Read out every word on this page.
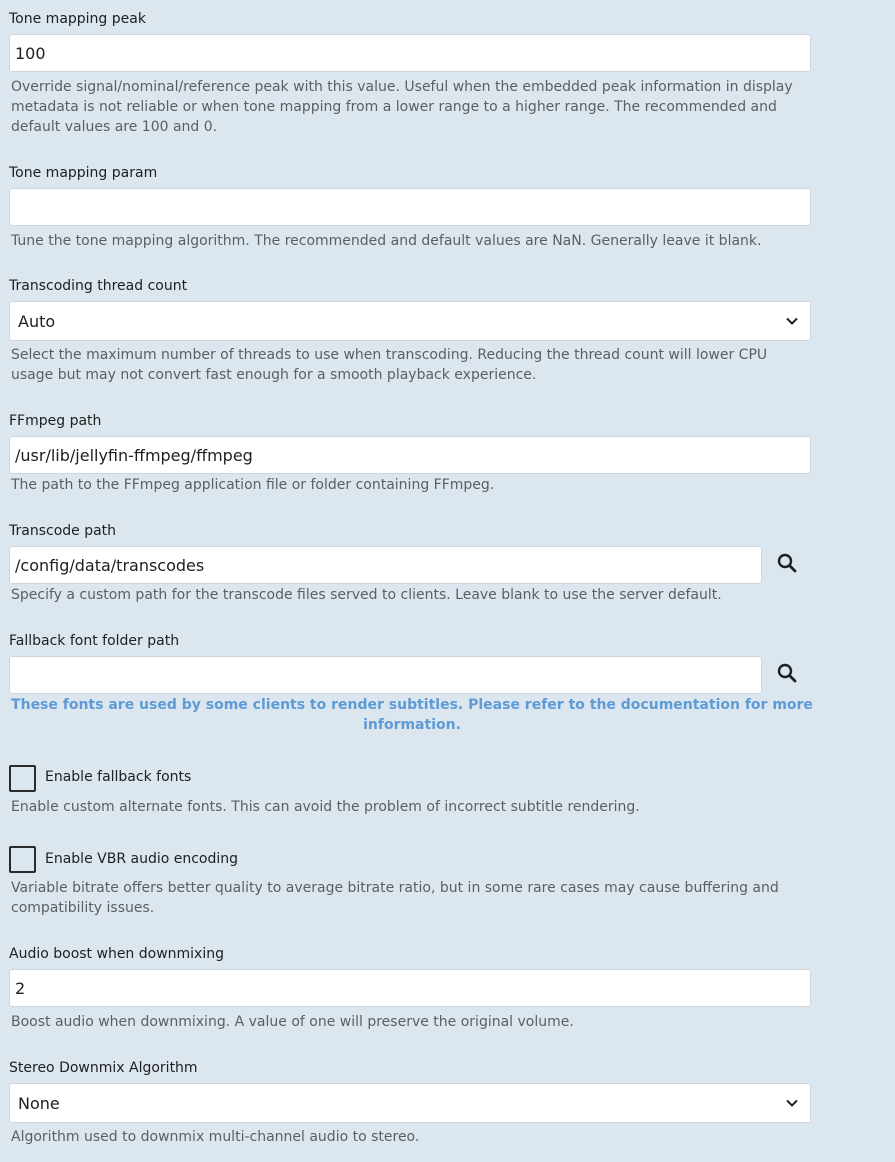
Tone mapping peak
100
Override signal/nominal/reference peak with this value. Useful when the embedded peak information in display metadata is not reliable or when tone mapping from a lower range to a higher range. The recommended and default values are 100 and 0.
Tone mapping param
Tune the tone mapping algorithm. The recommended and default values are NaN. Generally leave it blank.
Transcoding thread count
Auto
Select the maximum number of threads to use when transcoding. Reducing the thread count will lower CPU usage but may not convert fast enough for a smooth playback experience.
FFmpeg path
/usr/lib/jellyfin-ffmpeg/ffmpeg
The path to the FFmpeg application file or folder containing FFmpeg.
Transcode path
/config/data/transcodes
Specify a custom path for the transcode files served to clients. Leave blank to use the server default.
Fallback font folder path
These fonts are used by some clients to render subtitles. Please refer to the documentation for more information.
Enable fallback fonts
Enable custom alternate fonts. This can avoid the problem of incorrect subtitle rendering.
Enable VBR audio encoding
Variable bitrate offers better quality to average bitrate ratio, but in some rare cases may cause buffering and compatibility issues.
Audio boost when downmixing
2
Boost audio when downmixing. A value of one will preserve the original volume.
Stereo Downmix Algorithm
None
Algorithm used to downmix multi-channel audio to stereo.
